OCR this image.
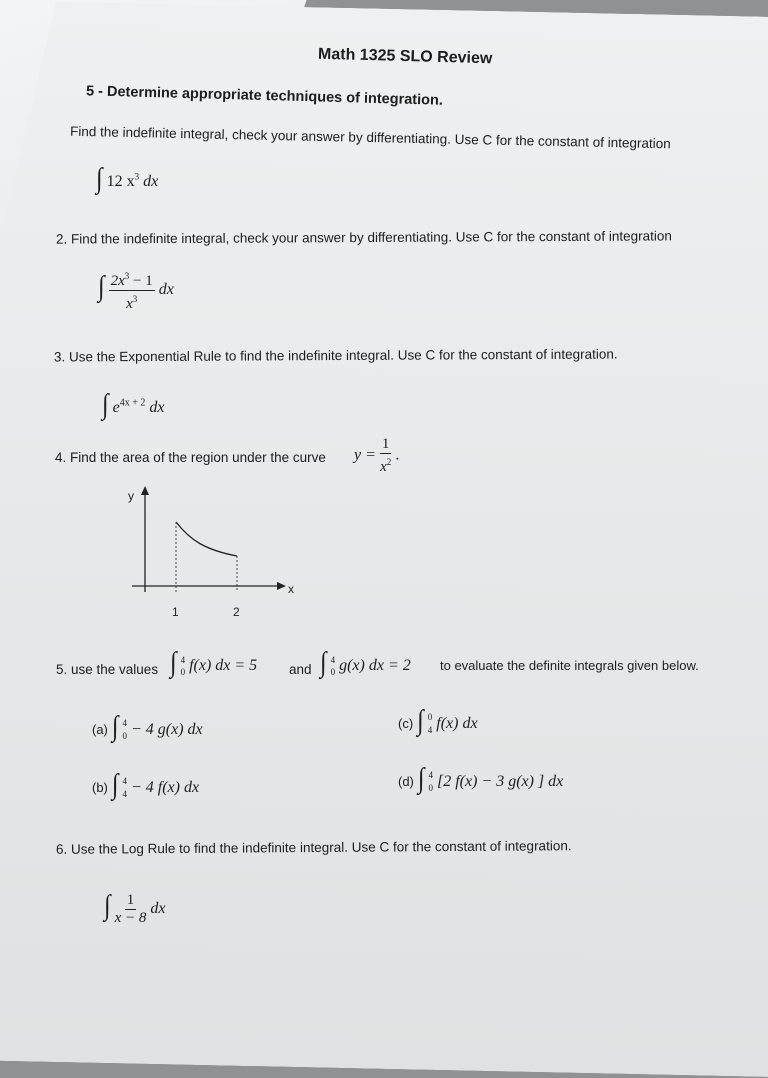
Math 1325 SLO Review
5 - Determine appropriate techniques of integration.
Find the indefinite integral, check your answer by differentiating. Use C for the constant of integration
∫ 12 $x^3$ dx
2. Find the indefinite integral, check your answer by differentiating. Use C for the constant of integration
∫ $\frac{2x^3 - 1}{x^3}$ dx
3. Use the Exponential Rule to find the indefinite integral. Use C for the constant of integration.
∫ $e^{4x + 2}$ dx
4. Find the area of the region under the curve $y = \frac{1}{x^2}$ .
y
x
1	2
5. use the values ∫ 4
0 f(x) dx = 5 and ∫ 4
0 g(x) dx = 2 to evaluate the definite integrals given below.
(a) ∫ 4
0 − 4 g(x) dx
(b) ∫ 4
4 − 4 f(x) dx
(c) ∫ 0
4 f(x) dx
(d) ∫ 4
0 [2 f(x) − 3 g(x) ] dx
6. Use the Log Rule to find the indefinite integral. Use C for the constant of integration.
∫ $\frac{1}{x - 8}$ dx
